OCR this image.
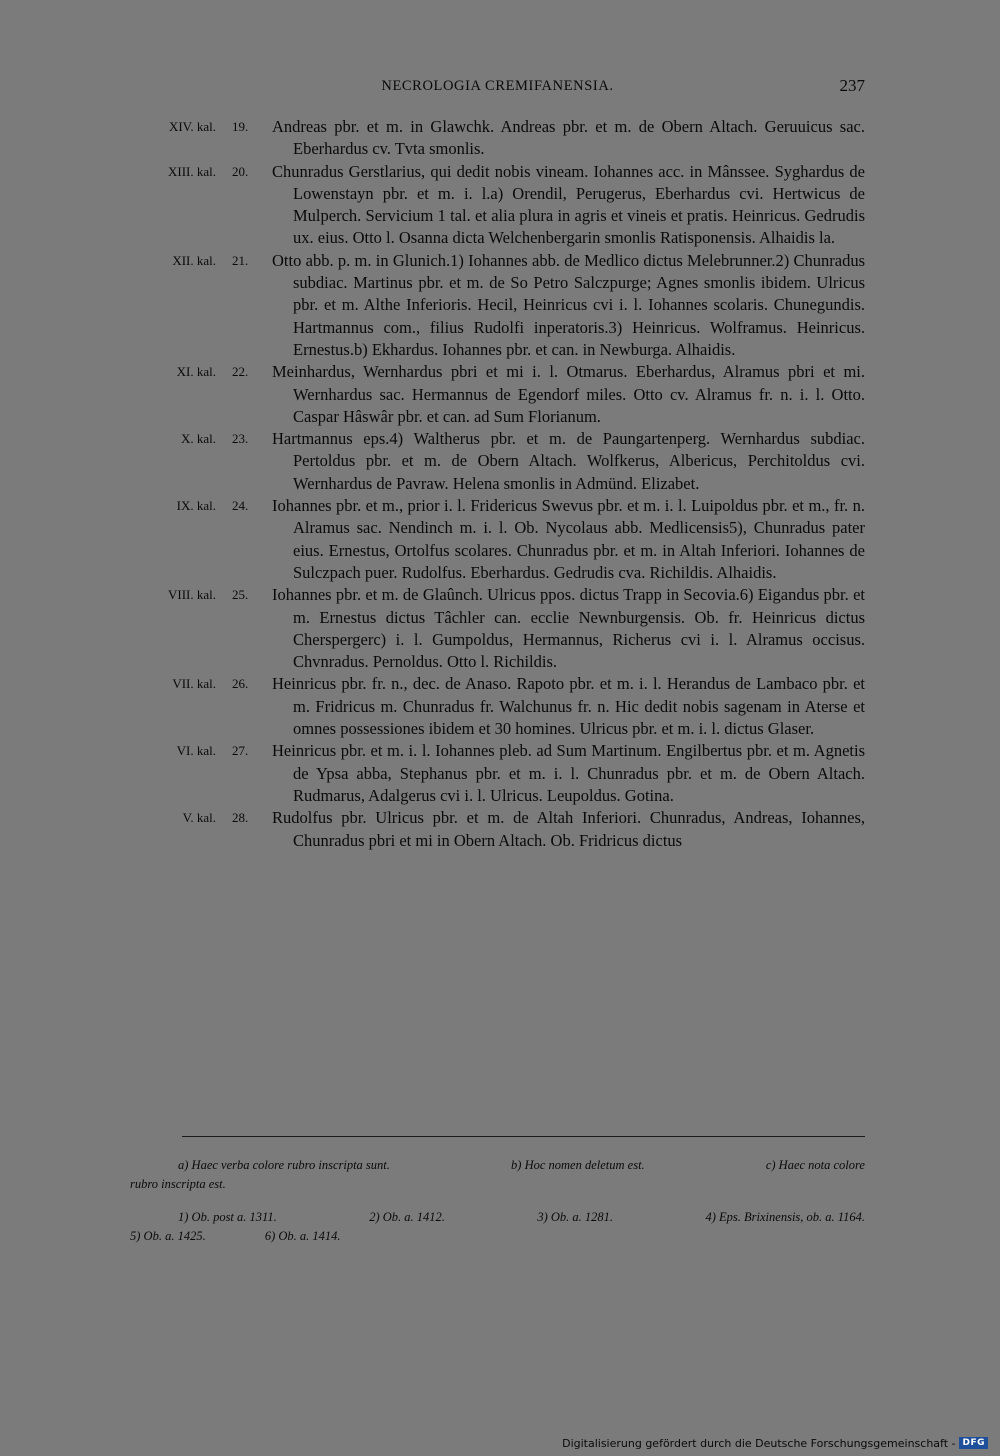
NECROLOGIA CREMIFANENSIA.	237
XIV. kal. 19. Andreas pbr. et m. in Glawchk. Andreas pbr. et m. de Obern Altach. Geruuicus sac. Eberhardus cv. Tvta smonlis.
XIII. kal. 20. Chunradus Gerstlarius, qui dedit nobis vineam. Iohannes acc. in Mânssee. Syghardus de Lowenstayn pbr. et m. i. l.a) Orendil, Perugerus, Eberhardus cvi. Hertwicus de Mulperch. Servicium 1 tal. et alia plura in agris et vineis et pratis. Heinricus. Gedrudis ux. eius. Otto l. Osanna dicta Welchenbergarin smonlis Ratisponensis. Alhaidis la.
XII. kal. 21. Otto abb. p. m. in Glunich.1) Iohannes abb. de Medlico dictus Melebrunner.2) Chunradus subdiac. Martinus pbr. et m. de So Petro Salczpurge; Agnes smonlis ibidem. Ulricus pbr. et m. Althe Inferioris. Hecil, Heinricus cvi i. l. Iohannes scolaris. Chunegundis. Hartmannus com., filius Rudolfi inperatoris.3) Heinricus. Wolframus. Heinricus. Ernestus.b) Ekhardus. Iohannes pbr. et can. in Newburga. Alhaidis.
XI. kal. 22. Meinhardus, Wernhardus pbri et mi i. l. Otmarus. Eberhardus, Alramus pbri et mi. Wernhardus sac. Hermannus de Egendorf miles. Otto cv. Alramus fr. n. i. l. Otto. Caspar Hâswâr pbr. et can. ad Sum Florianum.
X. kal. 23. Hartmannus eps.4) Waltherus pbr. et m. de Paungartenperg. Wernhardus subdiac. Pertoldus pbr. et m. de Obern Altach. Wolfkerus, Albericus, Perchitoldus cvi. Wernhardus de Pavraw. Helena smonlis in Admünd. Elizabet.
IX. kal. 24. Iohannes pbr. et m., prior i. l. Fridericus Swevus pbr. et m. i. l. Luipoldus pbr. et m., fr. n. Alramus sac. Nendinch m. i. l. Ob. Nycolaus abb. Medlicensis5), Chunradus pater eius. Ernestus, Ortolfus scolares. Chunradus pbr. et m. in Altah Inferiori. Iohannes de Sulczpach puer. Rudolfus. Eberhardus. Gedrudis cva. Richildis. Alhaidis.
VIII. kal. 25. Iohannes pbr. et m. de Glaûnch. Ulricus ppos. dictus Trapp in Secovia.6) Eigandus pbr. et m. Ernestus dictus Tâchler can. ecclie Newnburgensis. Ob. fr. Heinricus dictus Cherspergerc) i. l. Gumpoldus, Hermannus, Richerus cvi i. l. Alramus occisus. Chvnradus. Pernoldus. Otto l. Richildis.
VII. kal. 26. Heinricus pbr. fr. n., dec. de Anaso. Rapoto pbr. et m. i. l. Herandus de Lambaco pbr. et m. Fridricus m. Chunradus fr. Walchunus fr. n. Hic dedit nobis sagenam in Aterse et omnes possessiones ibidem et 30 homines. Ulricus pbr. et m. i. l. dictus Glaser.
VI. kal. 27. Heinricus pbr. et m. i. l. Iohannes pleb. ad Sum Martinum. Engilbertus pbr. et m. Agnetis de Ypsa abba, Stephanus pbr. et m. i. l. Chunradus pbr. et m. de Obern Altach. Rudmarus, Adalgerus cvi i. l. Ulricus. Leupoldus. Gotina.
V. kal. 28. Rudolfus pbr. Ulricus pbr. et m. de Altah Inferiori. Chunradus, Andreas, Iohannes, Chunradus pbri et mi in Obern Altach. Ob. Fridricus dictus
a) Haec verba colore rubro inscripta sunt.	b) Hoc nomen deletum est.	c) Haec nota colore
rubro inscripta est.
1) Ob. post a. 1311.	2) Ob. a. 1412.	3) Ob. a. 1281.	4) Eps. Brixinensis, ob. a. 1164.
5) Ob. a. 1425.	6) Ob. a. 1414.
Digitalisierung gefördert durch die Deutsche Forschungsgemeinschaft - DFG
